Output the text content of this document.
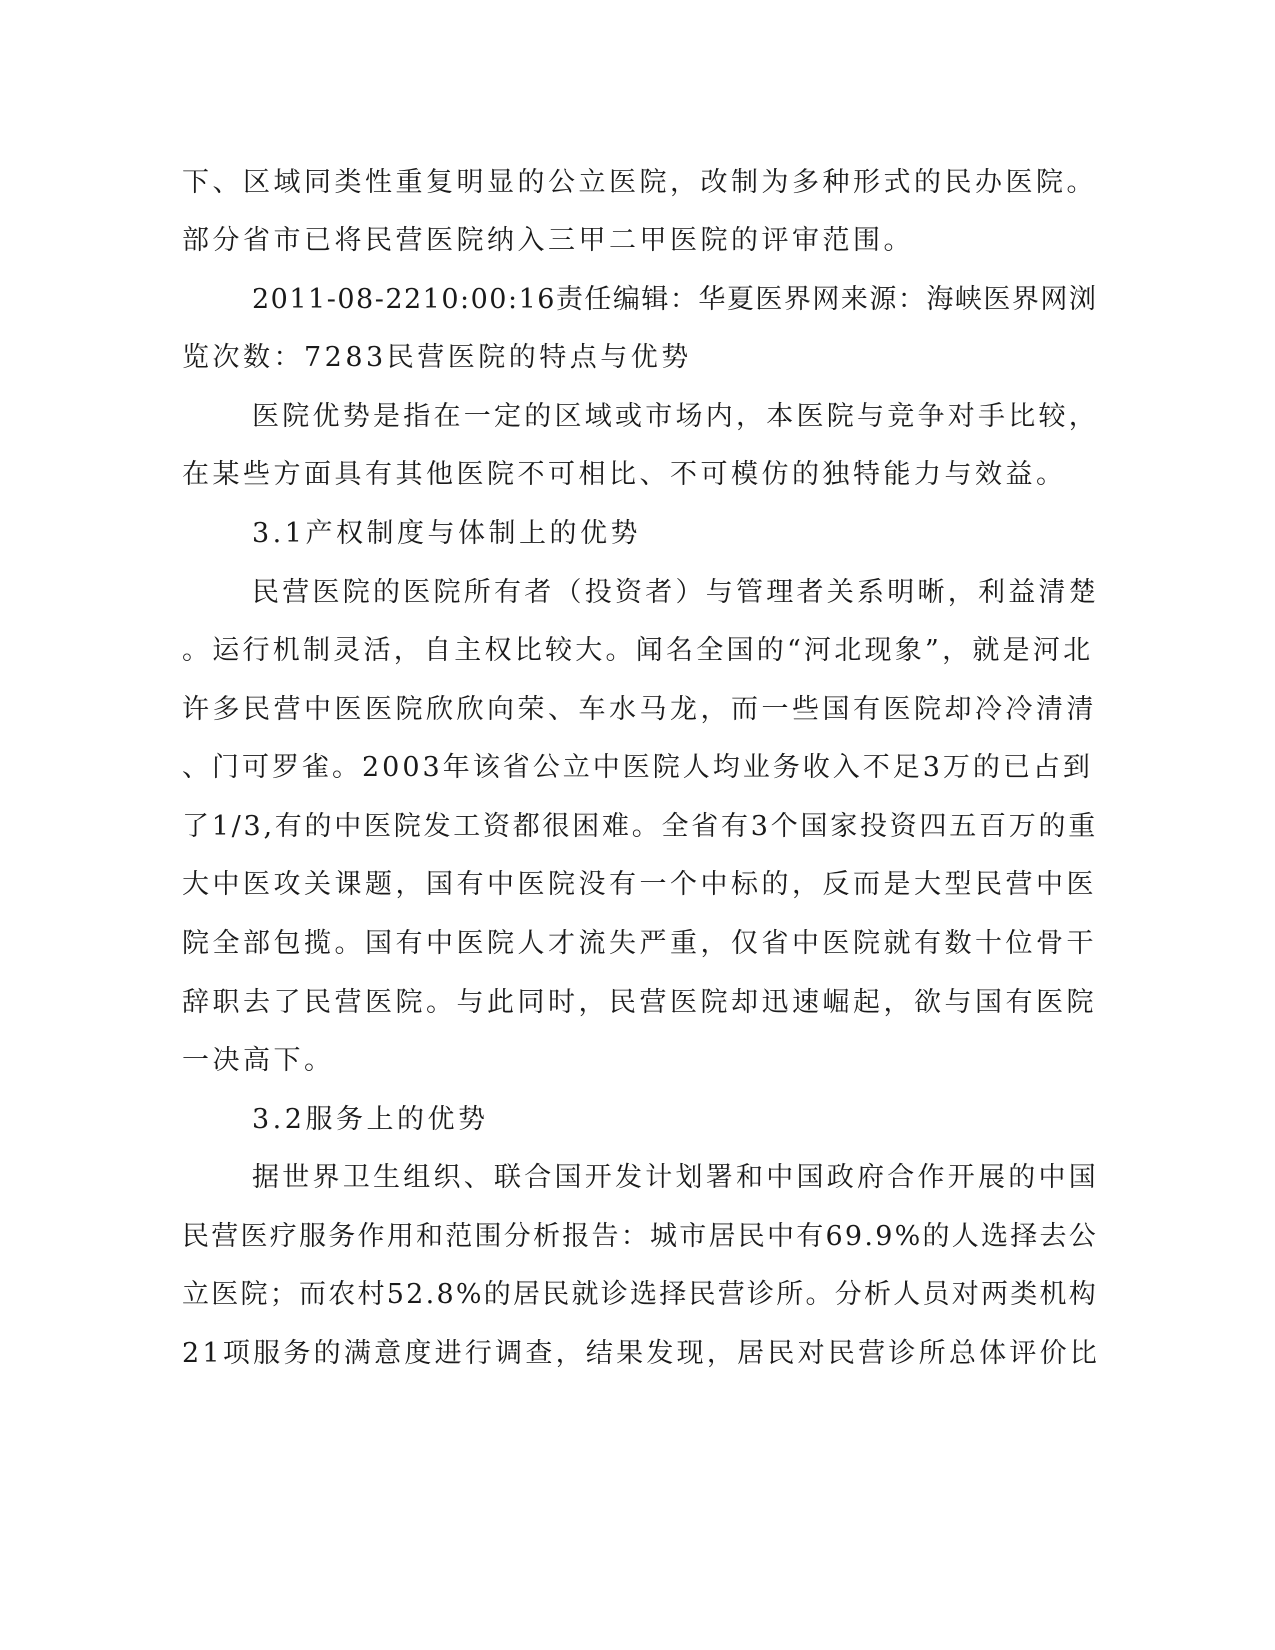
下、区域同类性重复明显的公立医院，改制为多种形式的民办医院。
部分省市已将民营医院纳入三甲二甲医院的评审范围。
2011-08-2210:00:16责任编辑：华夏医界网来源：海峡医界网浏
览次数：7283民营医院的特点与优势
医院优势是指在一定的区域或市场内，本医院与竞争对手比较，
在某些方面具有其他医院不可相比、不可模仿的独特能力与效益。
3.1产权制度与体制上的优势
民营医院的医院所有者（投资者）与管理者关系明晰，利益清楚
。运行机制灵活，自主权比较大。闻名全国的“河北现象”，就是河北
许多民营中医医院欣欣向荣、车水马龙，而一些国有医院却冷冷清清
、门可罗雀。2003年该省公立中医院人均业务收入不足3万的已占到
了1/3,有的中医院发工资都很困难。全省有3个国家投资四五百万的重
大中医攻关课题，国有中医院没有一个中标的，反而是大型民营中医
院全部包揽。国有中医院人才流失严重，仅省中医院就有数十位骨干
辞职去了民营医院。与此同时，民营医院却迅速崛起，欲与国有医院
一决高下。
3.2服务上的优势
据世界卫生组织、联合国开发计划署和中国政府合作开展的中国
民营医疗服务作用和范围分析报告：城市居民中有69.9%的人选择去公
立医院；而农村52.8%的居民就诊选择民营诊所。分析人员对两类机构
21项服务的满意度进行调查，结果发现，居民对民营诊所总体评价比
